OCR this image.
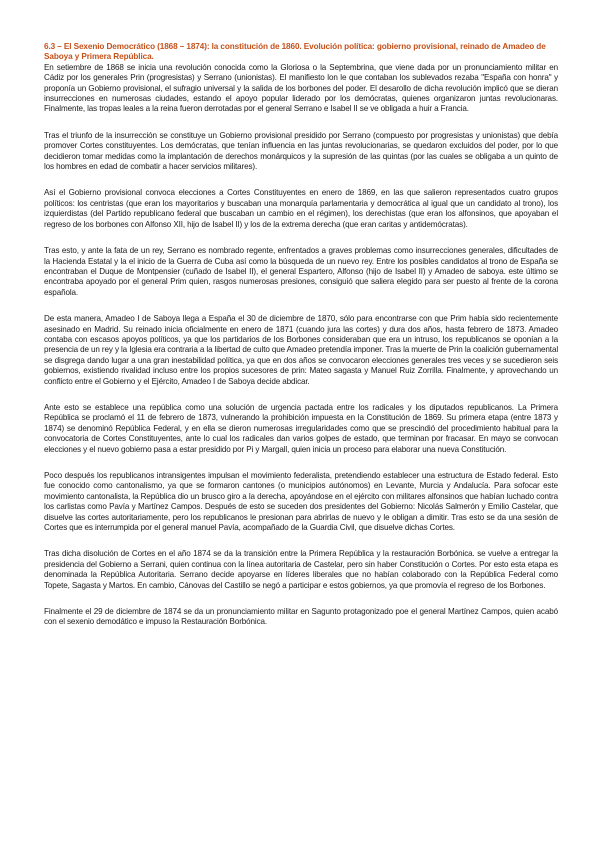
6.3 – El Sexenio Democrático (1868 – 1874): la constitución de 1860. Evolución política: gobierno provisional, reinado de Amadeo de Saboya y Primera República.

En setiembre de 1868 se inicia una revolución conocida como la Gloriosa o la Septembrina, que viene dada por un pronunciamiento militar en Cádiz por los generales Prin (progresistas) y Serrano (unionistas). El manifiesto lon le que contaban los sublevados rezaba "España con honra" y proponía un Gobierno provisional, el sufragio universal y la salida de los borbones del poder. El desarollo de dicha revolución implicó que se dieran insurrecciones en numerosas ciudades, estando el apoyo popular liderado por los demócratas, quienes organizaron juntas revolucionaras. Finalmente, las tropas leales a la reina fueron derrotadas por el general Serrano e Isabel II se ve obligada a huir a Francia.

Tras el triunfo de la insurrección se constituye un Gobierno provisional presidido por Serrano (compuesto por progresistas y unionistas) que debía promover Cortes constituyentes. Los demócratas, que tenían influencia en las juntas revolucionarias, se quedaron excluidos del poder, por lo que decidieron tomar medidas como la implantación de derechos monárquicos y la supresión de las quintas (por las cuales se obligaba a un quinto de los hombres en edad de combatir a hacer servicios militares).

Así el Gobierno provisional convoca elecciones a Cortes Constituyentes en enero de 1869, en las que salieron representados cuatro grupos políticos: los centristas (que eran los mayoritarios y buscaban una monarquía parlamentaria y democrática al igual que un candidato al trono), los izquierdistas (del Partido republicano federal que buscaban un cambio en el régimen), los derechistas (que eran los alfonsinos, que apoyaban el regreso de los borbones con Alfonso XII, hijo de Isabel II) y los de la extrema derecha (que eran caritas y antidemócratas).

Tras esto, y ante la fata de un rey, Serrano es nombrado regente, enfrentados a graves problemas como insurrecciones generales, dificultades de la Hacienda Estatal y la el inicio de la Guerra de Cuba así como la búsqueda de un nuevo rey. Entre los posibles candidatos al trono de España se encontraban el Duque de Montpensier (cuñado de Isabel II), el general Espartero, Alfonso (hijo de Isabel II) y Amadeo de saboya. este último se encontraba apoyado por el general Prim quien, rasgos numerosas presiones, consiguió que saliera elegido para ser puesto al frente de la corona española.

De esta manera, Amadeo I de Saboya llega a España el 30 de diciembre de 1870, sólo para encontrarse con que Prim había sido recientemente asesinado en Madrid. Su reinado inicia oficialmente en enero de 1871 (cuando jura las cortes) y dura dos años, hasta febrero de 1873. Amadeo contaba con escasos apoyos políticos, ya que los partidarios de los Borbones consideraban que era un intruso, los republicanos se oponían a la presencia de un rey y la Iglesia era contraria a la libertad de culto que Amadeo pretendía imponer. Tras la muerte de Prin la coalición gubernamental se disgrega dando lugar a una gran inestabilidad política, ya que en dos años se convocaron elecciones generales tres veces y se sucedieron seis gobiernos, existiendo rivalidad incluso entre los propios sucesores de prin: Mateo sagasta y Manuel Ruiz Zorrilla. Finalmente, y aprovechando un conflicto entre el Gobierno y el Ejército, Amadeo I de Saboya decide abdicar.

Ante esto se establece una república como una solución de urgencia pactada entre los radicales y los diputados republicanos. La Primera República se proclamó el 11 de febrero de 1873, vulnerando la prohibición impuesta en la Constitución de 1869. Su primera etapa (entre 1873 y 1874) se denominó República Federal, y en ella se dieron numerosas irregularidades como que se prescindió del procedimiento habitual para la convocatoria de Cortes Constituyentes, ante lo cual los radicales dan varios golpes de estado, que terminan por fracasar. En mayo se convocan elecciones y el nuevo gobierno pasa a estar presidido por Pi y Margall, quien inicia un proceso para elaborar una nueva Constitución.

Poco después los republicanos intransigentes impulsan el movimiento federalista, pretendiendo establecer una estructura de Estado federal. Esto fue conocido como cantonalismo, ya que se formaron cantones (o municipios autónomos) en Levante, Murcia y Andalucía. Para sofocar este movimiento cantonalista, la República dio un brusco giro a la derecha, apoyándose en el ejército con militares alfonsinos que habían luchado contra los carlistas como Pavía y Martínez Campos. Después de esto se suceden dos presidentes del Gobierno: Nicolás Salmerón y Emilio Castelar, que disuelve las cortes autoritariamente, pero los republicanos le presionan para abrirlas de nuevo y le obligan a dimitir. Tras esto se da una sesión de Cortes que es interrumpida por el general manuel Pavía, acompañado de la Guardia Civil, que disuelve dichas Cortes.

Tras dicha disolución de Cortes en el año 1874 se da la transición entre la Primera República y la restauración Borbónica. se vuelve a entregar la presidencia del Gobierno a Serrani, quien continua con la línea autoritaria de Castelar, pero sin haber Constitución o Cortes. Por esto esta etapa es denominada la República Autoritaria. Serrano decide apoyarse en líderes liberales que no habían colaborado con la República Federal como Topete, Sagasta y Martos. En cambio, Cánovas del Castillo se negó a participar e estos gobiernos, ya que promovía el regreso de los Borbones.

Finalmente el 29 de diciembre de 1874 se da un pronunciamiento militar en Sagunto protagonizado poe el general Martínez Campos, quien acabó con el sexenio demodático e impuso la Restauración Borbónica.
